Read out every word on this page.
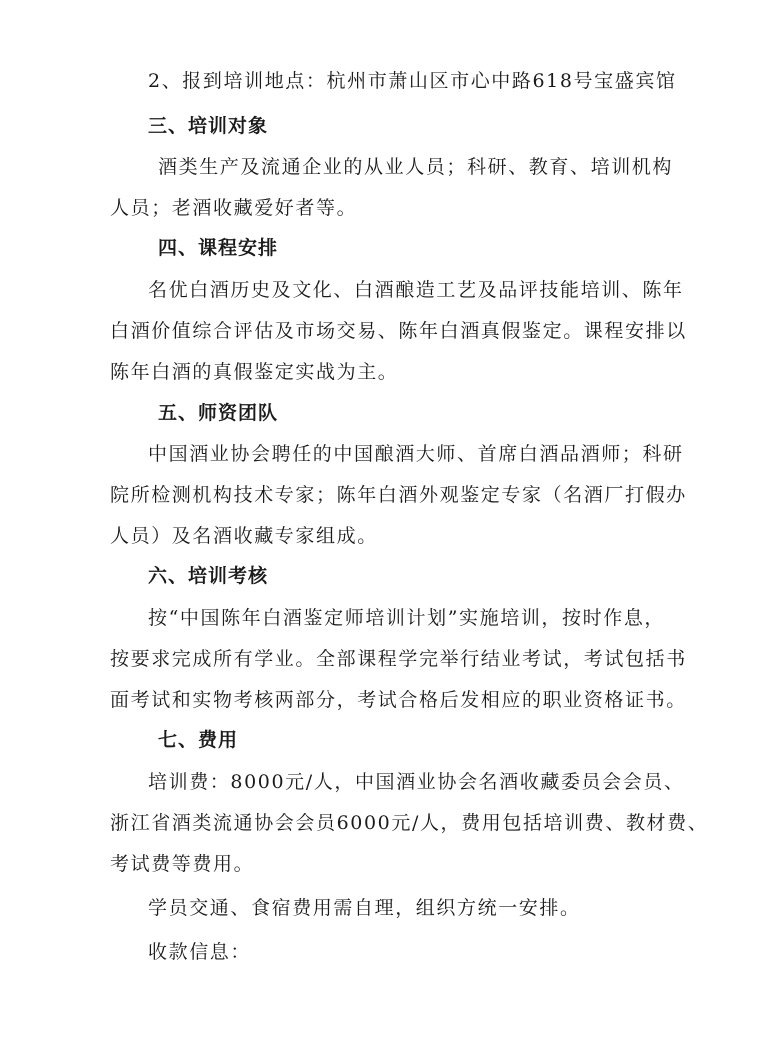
2、报到培训地点：杭州市萧山区市心中路618号宝盛宾馆
三、培训对象
酒类生产及流通企业的从业人员；科研、教育、培训机构
人员；老酒收藏爱好者等。
四、课程安排
名优白酒历史及文化、白酒酿造工艺及品评技能培训、陈年
白酒价值综合评估及市场交易、陈年白酒真假鉴定。课程安排以
陈年白酒的真假鉴定实战为主。
五、师资团队
中国酒业协会聘任的中国酿酒大师、首席白酒品酒师；科研
院所检测机构技术专家；陈年白酒外观鉴定专家（名酒厂打假办
人员）及名酒收藏专家组成。
六、培训考核
按“中国陈年白酒鉴定师培训计划”实施培训，按时作息，
按要求完成所有学业。全部课程学完举行结业考试，考试包括书
面考试和实物考核两部分，考试合格后发相应的职业资格证书。
七、费用
培训费：8000元/人，中国酒业协会名酒收藏委员会会员、
浙江省酒类流通协会会员6000元/人，费用包括培训费、教材费、
考试费等费用。
学员交通、食宿费用需自理，组织方统一安排。
收款信息：
